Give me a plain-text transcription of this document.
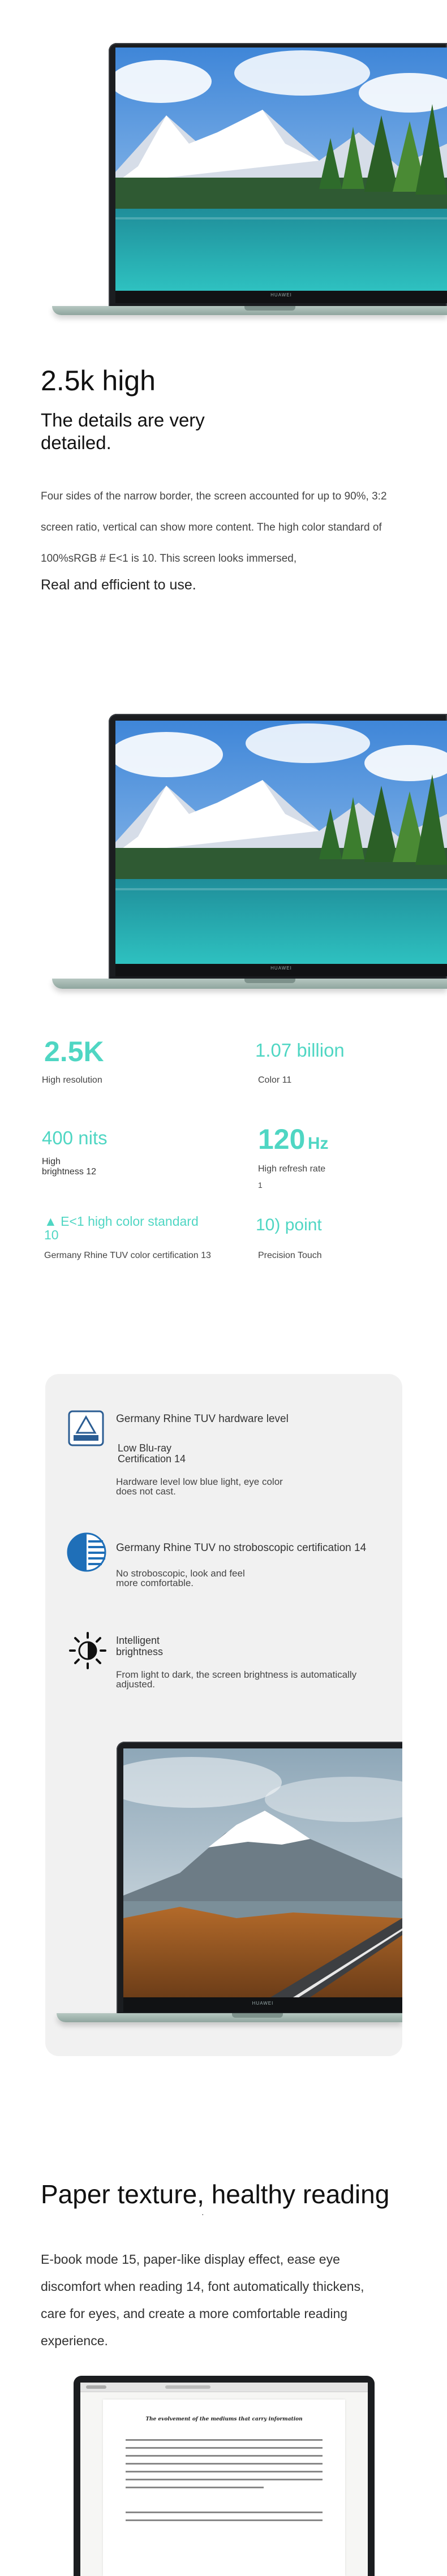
HUAWEI
2.5k high
The details are very
detailed.
Four sides of the narrow border, the screen accounted for up to 90%, 3:2
screen ratio, vertical can show more content. The high color standard of
100%sRGB # E<1 is 10. This screen looks immersed,
Real and efficient to use.
HUAWEI
2.5K
High resolution
1.07 billion
Color 11
400 nits
High
brightness 12
120 Hz
High refresh rate
1
▲ E<1 high color standard
10
Germany Rhine TUV color certification 13
10) point
Precision Touch
Germany Rhine TUV hardware level
Low Blu-ray
Certification 14
Hardware level low blue light, eye color
does not cast.
Germany Rhine TUV no stroboscopic certification 14
No stroboscopic, look and feel
more comfortable.
Intelligent
brightness
From light to dark, the screen brightness is automatically
adjusted.
HUAWEI
Paper texture, healthy reading
·
E-book mode 15, paper-like display effect, ease eye
discomfort when reading 14, font automatically thickens,
care for eyes, and create a more comfortable reading
experience.
The evolvement of the mediums that carry information
